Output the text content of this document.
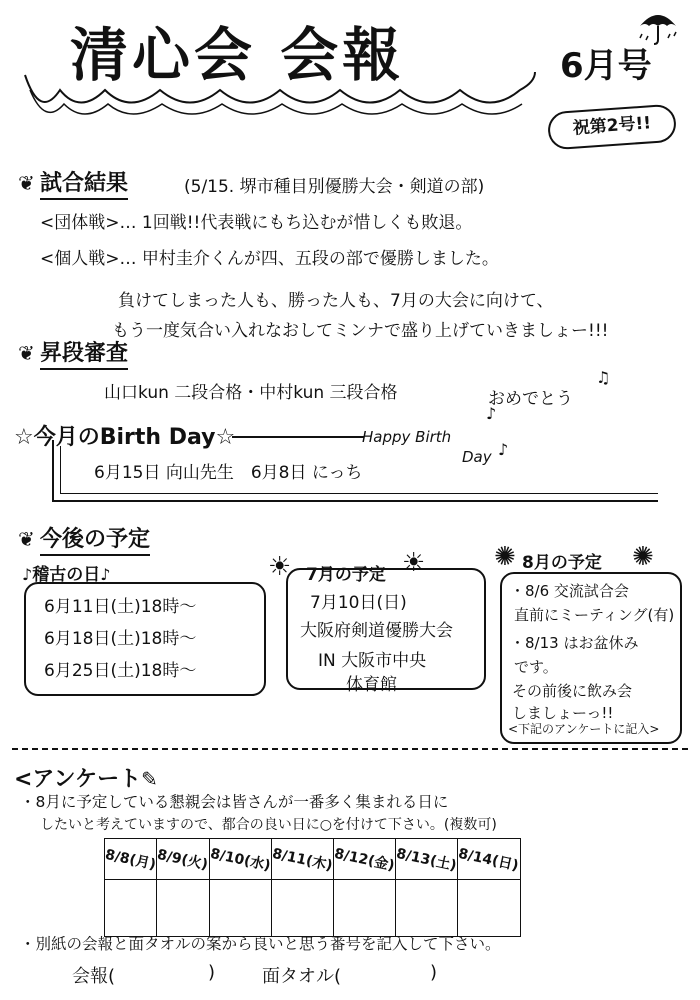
清心会 会報	6月号
祝第2号!!
❦ 試合結果	(5/15. 堺市種目別優勝大会・剣道の部)
<団体戦>… 1回戦!!代表戦にもち込むが惜しくも敗退。
<個人戦>… 甲村圭介くんが四、五段の部で優勝しました。
負けてしまった人も、勝った人も、7月の大会に向けて、
もう一度気合い入れなおしてミンナで盛り上げていきましょー!!!
❦ 昇段審査
山口kun 二段合格・中村kun 三段合格	おめでとう
♫
♪
☆今月のBirth Day☆	Happy Birth
Day ♪
6月15日 向山先生　6月8日 にっち
❦ 今後の予定
♪稽古の日♪
6月11日(土)18時〜
6月18日(土)18時〜
6月25日(土)18時〜
☀	☀
7月の予定
7月10日(日)
大阪府剣道優勝大会
IN 大阪市中央
体育館
✺	✺
8月の予定
・8/6 交流試合会
直前にミーティング(有)
・8/13 はお盆休み
です。
その前後に飲み会
しましょーっ!!
<下記のアンケートに記入>
<アンケート✎
・8月に予定している懇親会は皆さんが一番多く集まれる日に
したいと考えていますので、都合の良い日に○を付けて下さい。(複数可)
8/8(月)	8/9(火)	8/10(水)	8/11(木)	8/12(金)	8/13(土)	8/14(日)

・別紙の会報と面タオルの案から良いと思う番号を記入して下さい。
会報(	)	面タオル(	)
